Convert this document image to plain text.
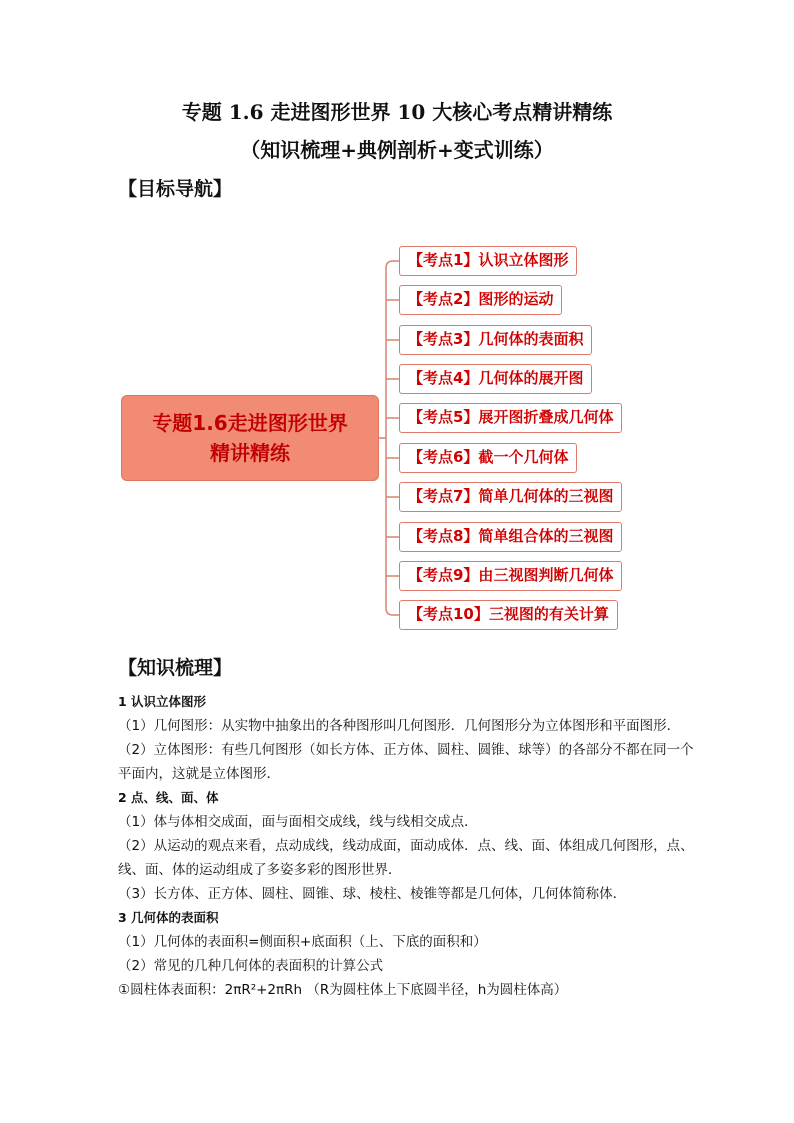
专题 1.6 走进图形世界 10 大核心考点精讲精练
（知识梳理+典例剖析+变式训练）
【目标导航】
专题1.6走进图形世界
精讲精练
【考点1】认识立体图形
【考点2】图形的运动
【考点3】几何体的表面积
【考点4】几何体的展开图
【考点5】展开图折叠成几何体
【考点6】截一个几何体
【考点7】简单几何体的三视图
【考点8】简单组合体的三视图
【考点9】由三视图判断几何体
【考点10】三视图的有关计算
【知识梳理】
1 认识立体图形
（1）几何图形：从实物中抽象出的各种图形叫几何图形．几何图形分为立体图形和平面图形．
（2）立体图形：有些几何图形（如长方体、正方体、圆柱、圆锥、球等）的各部分不都在同一个平面内，这就是立体图形．
2 点、线、面、体
（1）体与体相交成面，面与面相交成线，线与线相交成点．
（2）从运动的观点来看，点动成线，线动成面，面动成体．点、线、面、体组成几何图形，点、线、面、体的运动组成了多姿多彩的图形世界．
（3）长方体、正方体、圆柱、圆锥、球、棱柱、棱锥等都是几何体，几何体简称体．
3 几何体的表面积
（1）几何体的表面积=侧面积+底面积（上、下底的面积和）
（2）常见的几种几何体的表面积的计算公式
①圆柱体表面积：2πR²+2πRh （R为圆柱体上下底圆半径，h为圆柱体高）
